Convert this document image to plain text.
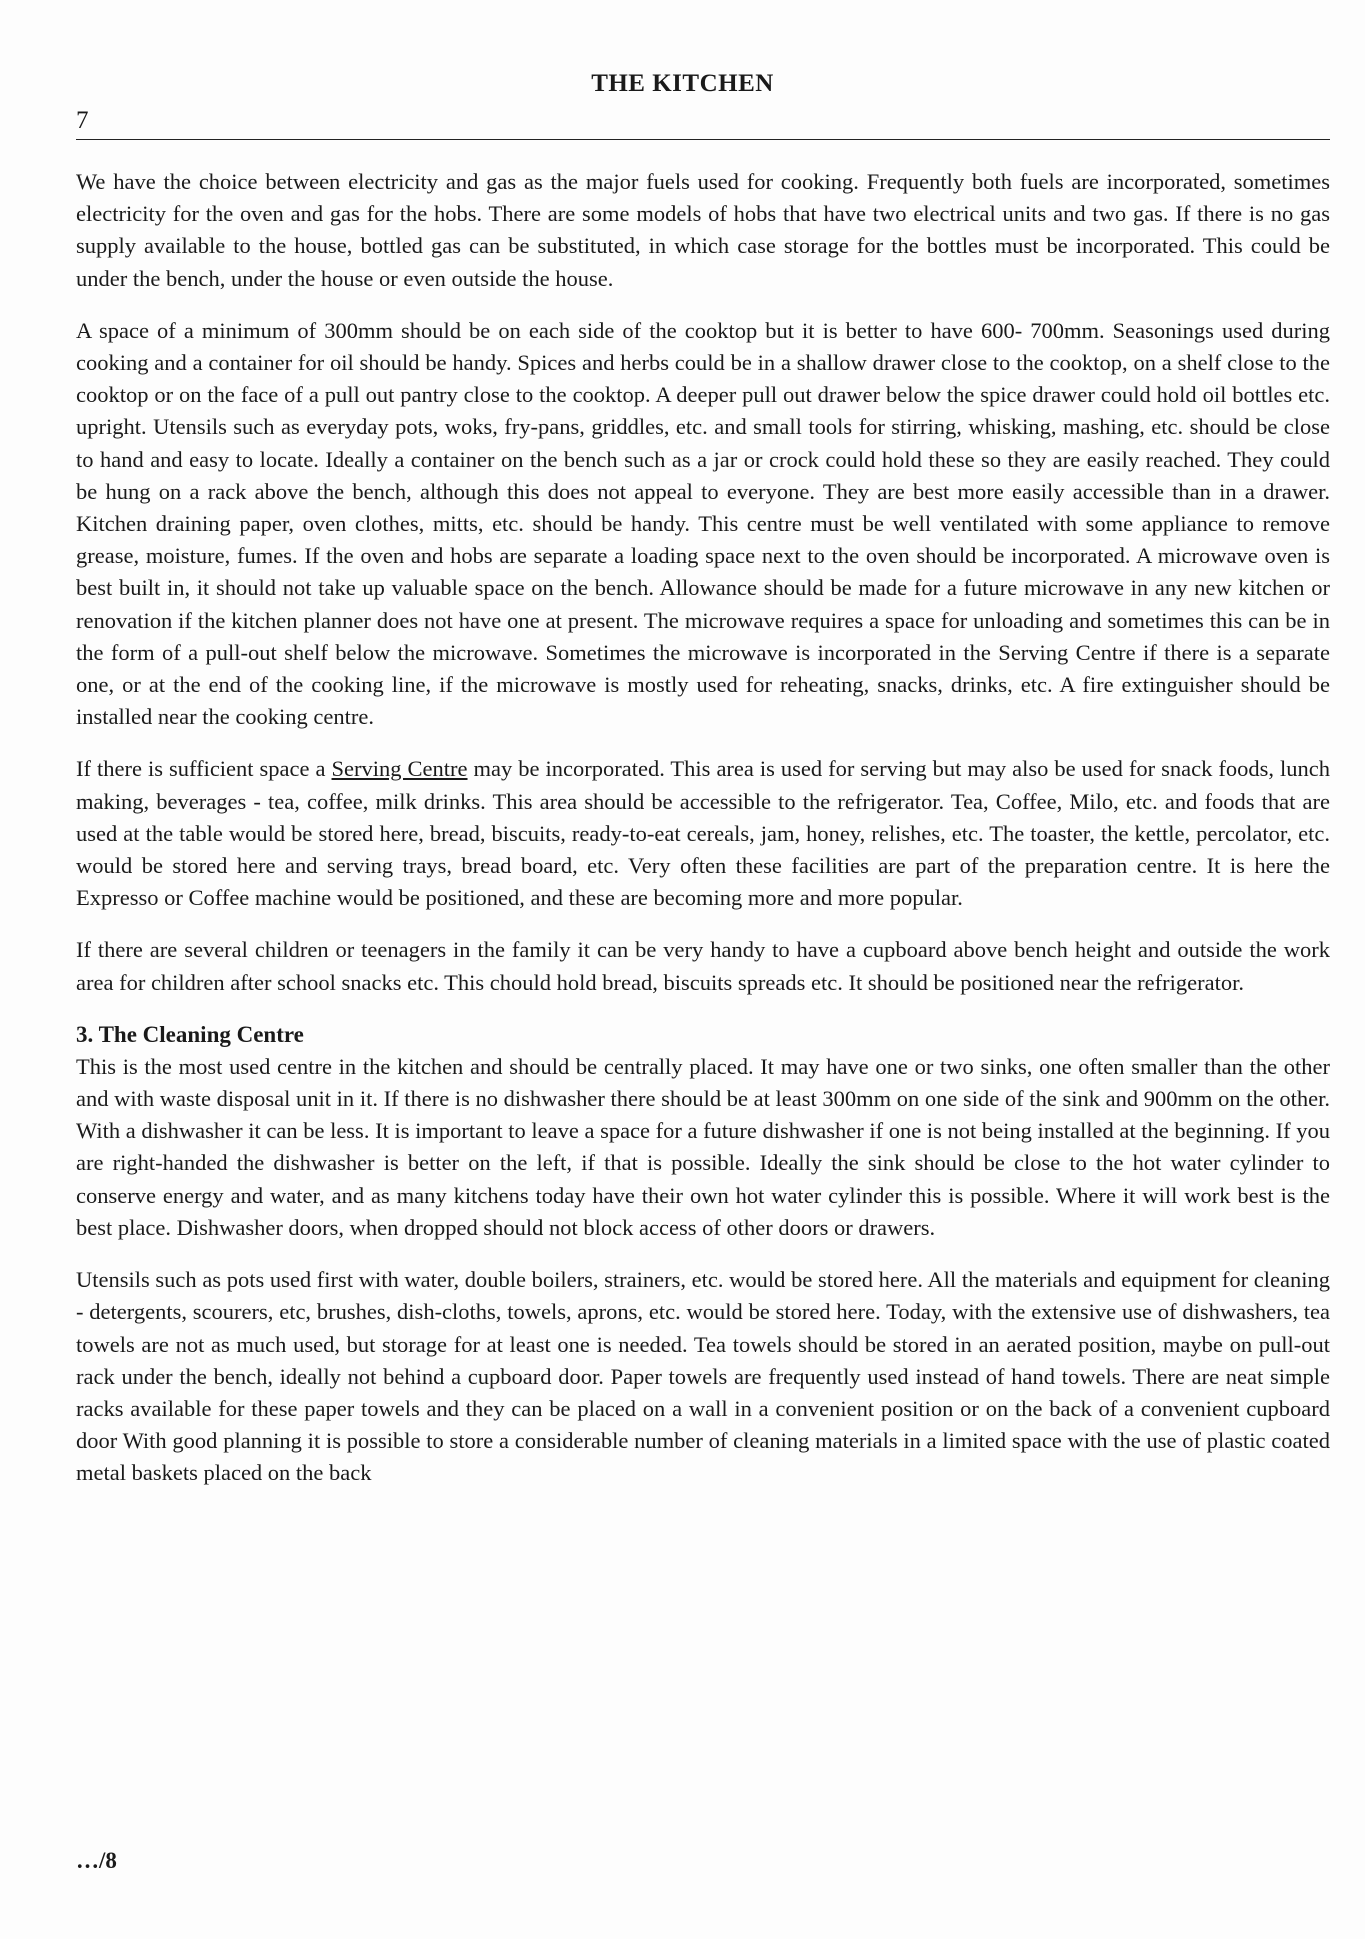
THE KITCHEN
7

We have the choice between electricity and gas as the major fuels used for cooking. Frequently both fuels are incorporated, sometimes electricity for the oven and gas for the hobs. There are some models of hobs that have two electrical units and two gas. If there is no gas supply available to the house, bottled gas can be substituted, in which case storage for the bottles must be incorporated. This could be under the bench, under the house or even outside the house.

A space of a minimum of 300mm should be on each side of the cooktop but it is better to have 600- 700mm. Seasonings used during cooking and a container for oil should be handy. Spices and herbs could be in a shallow drawer close to the cooktop, on a shelf close to the cooktop or on the face of a pull out pantry close to the cooktop. A deeper pull out drawer below the spice drawer could hold oil bottles etc. upright. Utensils such as everyday pots, woks, fry-pans, griddles, etc. and small tools for stirring, whisking, mashing, etc. should be close to hand and easy to locate. Ideally a container on the bench such as a jar or crock could hold these so they are easily reached. They could be hung on a rack above the bench, although this does not appeal to everyone. They are best more easily accessible than in a drawer. Kitchen draining paper, oven clothes, mitts, etc. should be handy. This centre must be well ventilated with some appliance to remove grease, moisture, fumes. If the oven and hobs are separate a loading space next to the oven should be incorporated. A microwave oven is best built in, it should not take up valuable space on the bench. Allowance should be made for a future microwave in any new kitchen or renovation if the kitchen planner does not have one at present. The microwave requires a space for unloading and sometimes this can be in the form of a pull-out shelf below the microwave. Sometimes the microwave is incorporated in the Serving Centre if there is a separate one, or at the end of the cooking line, if the microwave is mostly used for reheating, snacks, drinks, etc. A fire extinguisher should be installed near the cooking centre.

If there is sufficient space a Serving Centre may be incorporated. This area is used for serving but may also be used for snack foods, lunch making, beverages - tea, coffee, milk drinks. This area should be accessible to the refrigerator. Tea, Coffee, Milo, etc. and foods that are used at the table would be stored here, bread, biscuits, ready-to-eat cereals, jam, honey, relishes, etc. The toaster, the kettle, percolator, etc. would be stored here and serving trays, bread board, etc. Very often these facilities are part of the preparation centre. It is here the Expresso or Coffee machine would be positioned, and these are becoming more and more popular.

If there are several children or teenagers in the family it can be very handy to have a cupboard above bench height and outside the work area for children after school snacks etc. This chould hold bread, biscuits spreads etc. It should be positioned near the refrigerator.

3. The Cleaning Centre

This is the most used centre in the kitchen and should be centrally placed. It may have one or two sinks, one often smaller than the other and with waste disposal unit in it. If there is no dishwasher there should be at least 300mm on one side of the sink and 900mm on the other. With a dishwasher it can be less. It is important to leave a space for a future dishwasher if one is not being installed at the beginning. If you are right-handed the dishwasher is better on the left, if that is possible. Ideally the sink should be close to the hot water cylinder to conserve energy and water, and as many kitchens today have their own hot water cylinder this is possible. Where it will work best is the best place. Dishwasher doors, when dropped should not block access of other doors or drawers.

Utensils such as pots used first with water, double boilers, strainers, etc. would be stored here. All the materials and equipment for cleaning - detergents, scourers, etc, brushes, dish-cloths, towels, aprons, etc. would be stored here. Today, with the extensive use of dishwashers, tea towels are not as much used, but storage for at least one is needed. Tea towels should be stored in an aerated position, maybe on pull-out rack under the bench, ideally not behind a cupboard door. Paper towels are frequently used instead of hand towels. There are neat simple racks available for these paper towels and they can be placed on a wall in a convenient position or on the back of a convenient cupboard door With good planning it is possible to store a considerable number of cleaning materials in a limited space with the use of plastic coated metal baskets placed on the back

…/8
